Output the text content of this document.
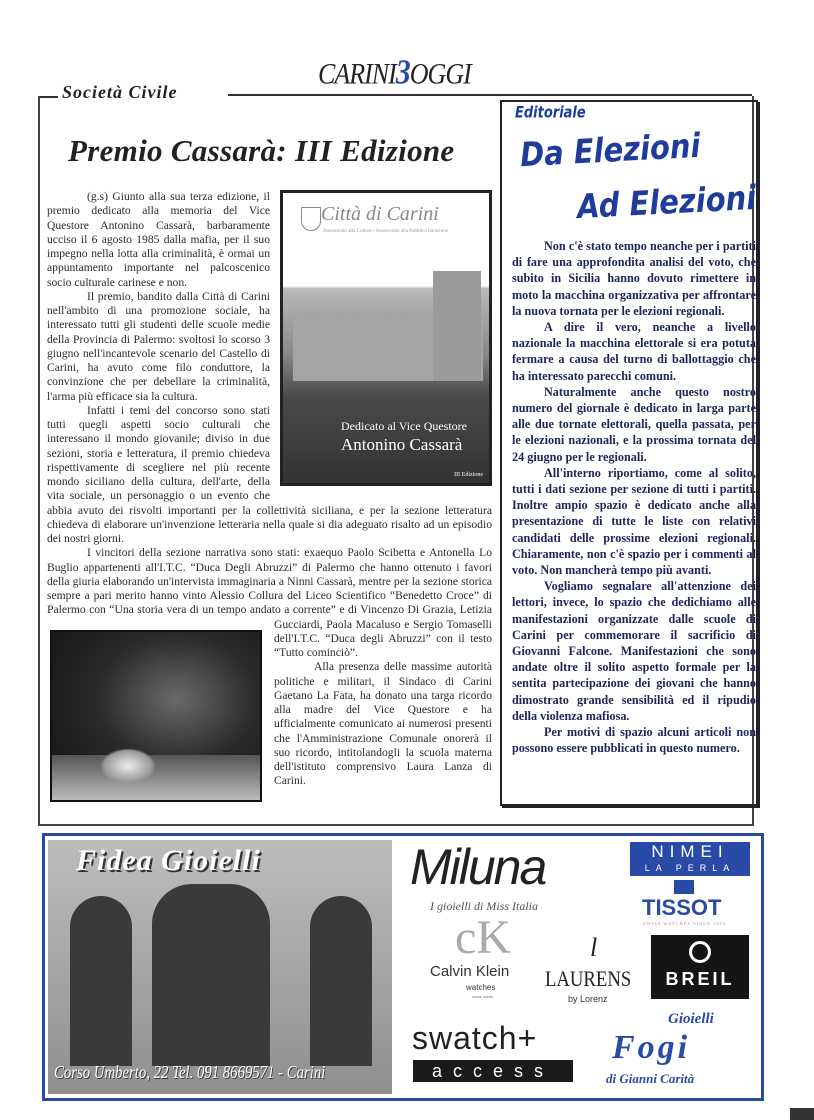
CARINI3OGGI
Società Civile
Premio Cassarà: III Edizione
Città di Carini
Assessorato alla Cultura • Assessorato alla Pubblica Istruzione
Dedicato al Vice Questore
Antonino Cassarà
III Edizione

(g.s) Giunto alla sua terza edizione, il premio dedicato alla memoria del Vice Questore Antonino Cassarà, barbaramente ucciso il 6 agosto 1985 dalla mafia, per il suo impegno nella lotta alla criminalità, è ormai un appuntamento importante nel palcoscenico socio culturale carinese e non.

Il premio, bandito dalla Città di Carini nell'ambito di una promozione sociale, ha interessato tutti gli studenti delle scuole medie della Provincia di Palermo: svoltosi lo scorso 3 giugno nell'incantevole scenario del Castello di Carini, ha avuto come filo conduttore, la convinzione che per debellare la criminalità, l'arma più efficace sia la cultura.

Infatti i temi del concorso sono stati tutti quegli aspetti socio culturali che interessano il mondo giovanile; diviso in due sezioni, storia e letteratura, il premio chiedeva rispettivamente di scegliere nel più recente mondo siciliano della cultura, dell'arte, della vita sociale, un personaggio o un evento che abbia avuto dei risvolti importanti per la collettività siciliana, e per la sezione letteratura chiedeva di elaborare un'invenzione letteraria nella quale si dia adeguato risalto ad un episodio dei nostri giorni.

I vincitori della sezione narrativa sono stati: exaequo Paolo Scibetta e Antonella Lo Buglio appartenenti all'I.T.C. “Duca Degli Abruzzi” di Palermo che hanno ottenuto i favori della giuria elaborando un'intervista immaginaria a Ninni Cassarà, mentre per la sezione storica sempre a pari merito hanno vinto Alessio Collura del Liceo Scientifico “Benedetto Croce” di Palermo con “Una storia vera di un tempo andato a corrente” e di Vincenzo Di Grazia, Letizia Gucciardi, Paola Macaluso e Sergio Tomaselli dell'I.T.C. “Duca degli Abruzzi” con il testo “Tutto cominciò”.

Alla presenza delle massime autorità politiche e militari, il Sindaco di Carini Gaetano La Fata, ha donato una targa ricordo alla madre del Vice Questore e ha ufficialmente comunicato ai numerosi presenti che l'Amministrazione Comunale onorerà il suo ricordo, intitolandogli la scuola materna dell'istituto comprensivo Laura Lanza di Carini.

Editoriale
Da Elezioni
Ad Elezioni

Non c'è stato tempo neanche per i partiti di fare una approfondita analisi del voto, che subito in Sicilia hanno dovuto rimettere in moto la macchina organizzativa per affrontare la nuova tornata per le elezioni regionali.

A dire il vero, neanche a livello nazionale la macchina elettorale si era potuta fermare a causa del turno di ballottaggio che ha interessato parecchi comuni.

Naturalmente anche questo nostro numero del giornale è dedicato in larga parte alle due tornate elettorali, quella passata, per le elezioni nazionali, e la prossima tornata del 24 giugno per le regionali.

All'interno riportiamo, come al solito, tutti i dati sezione per sezione di tutti i partiti. Inoltre ampio spazio è dedicato anche alla presentazione di tutte le liste con relativi candidati delle prossime elezioni regionali. Chiaramente, non c'è spazio per i commenti al voto. Non mancherà tempo più avanti.

Vogliamo segnalare all'attenzione dei lettori, invece, lo spazio che dedichiamo alle manifestazioni organizzate dalle scuole di Carini per commemorare il sacrificio di Giovanni Falcone. Manifestazioni che sono andate oltre il solito aspetto formale per la sentita partecipazione dei giovani che hanno dimostrato grande sensibilità ed il ripudio della violenza mafiosa.

Per motivi di spazio alcuni articoli non possono essere pubblicati in questo numero.

Fidea Gioielli
Corso Umberto, 22 Tel. 091 8669571 - Carini
Miluna
I gioielli di Miss Italia
NIMEI
LA PERLA
TISSOT
SWISS WATCHES SINCE 1853
cK
Calvin Klein
watches
swiss made
l
LAURENS
by Lorenz
BREIL
swatch+
access
Gioielli
Fogi
di Gianni Carità
